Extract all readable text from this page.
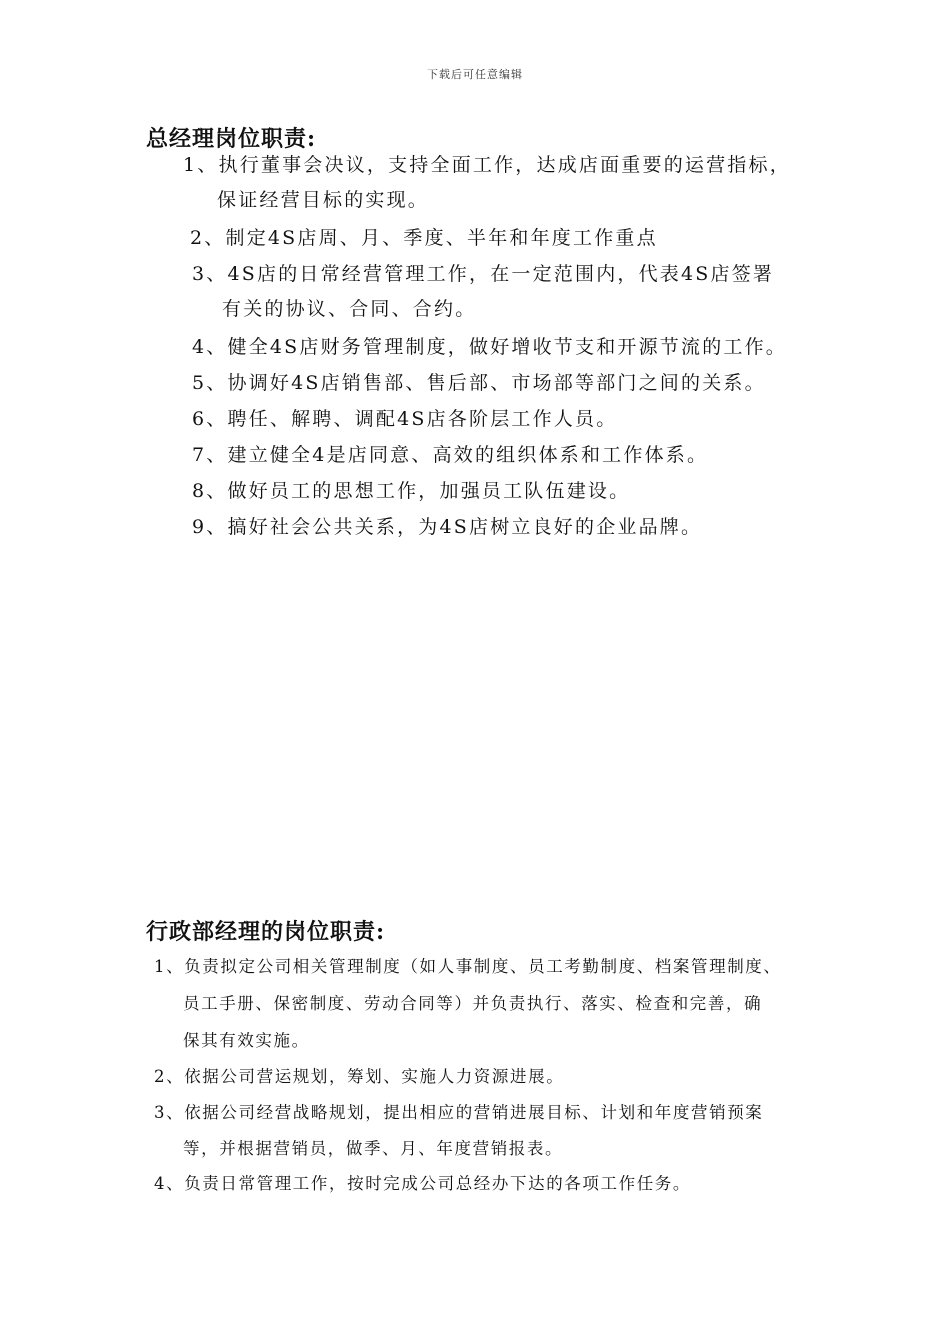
下载后可任意编辑
总经理岗位职责:
1、执行董事会决议，支持全面工作，达成店面重要的运营指标，
保证经营目标的实现。
2、制定4S店周、月、季度、半年和年度工作重点
3、4S店的日常经营管理工作，在一定范围内，代表4S店签署
有关的协议、合同、合约。
4、健全4S店财务管理制度，做好增收节支和开源节流的工作。
5、协调好4S店销售部、售后部、市场部等部门之间的关系。
6、聘任、解聘、调配4S店各阶层工作人员。
7、建立健全4是店同意、高效的组织体系和工作体系。
8、做好员工的思想工作，加强员工队伍建设。
9、搞好社会公共关系，为4S店树立良好的企业品牌。
行政部经理的岗位职责:
1、负责拟定公司相关管理制度（如人事制度、员工考勤制度、档案管理制度、
员工手册、保密制度、劳动合同等）并负责执行、落实、检查和完善，确
保其有效实施。
2、依据公司营运规划，筹划、实施人力资源进展。
3、依据公司经营战略规划，提出相应的营销进展目标、计划和年度营销预案
等，并根据营销员，做季、月、年度营销报表。
4、负责日常管理工作，按时完成公司总经办下达的各项工作任务。
